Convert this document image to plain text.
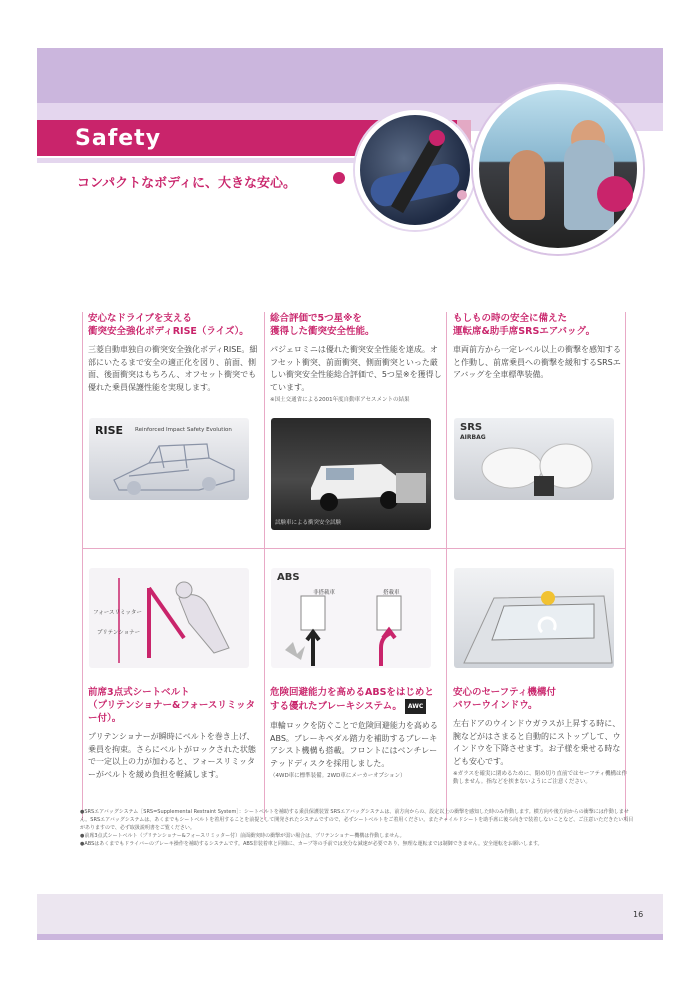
Safety
コンパクトなボディに、大きな安心。

安心なドライブを支える
衝突安全強化ボディRISE（ライズ）。

三菱自動車独自の衝突安全強化ボディRISE。細部にいたるまで安全の適正化を図り、前面、側面、後面衝突はもちろん、オフセット衝突でも優れた乗員保護性能を実現します。

RISE Reinforced Impact Safety Evolution

総合評価で5つ星※を
獲得した衝突安全性能。

パジェロミニは優れた衝突安全性能を達成。オフセット衝突、前面衝突、側面衝突といった厳しい衝突安全性能総合評価で、5つ星※を獲得しています。

※国土交通省による2001年度自動車アセスメントの結果

試験車による衝突安全試験

もしもの時の安全に備えた
運転席&助手席SRSエアバッグ。

車両前方から一定レベル以上の衝撃を感知すると作動し、前席乗員への衝撃を緩和するSRSエアバッグを全車標準装備。

SRS
AIRBAG
フォースリミッター
プリテンショナー

前席3点式シートベルト
（プリテンショナー&フォースリミッター付）。

プリテンショナーが瞬時にベルトを巻き上げ、乗員を拘束。さらにベルトがロックされた状態で一定以上の力が加わると、フォースリミッターがベルトを緩め負担を軽減します。

ABS
非搭載車	搭載車

危険回避能力を高めるABSをはじめと
する優れたブレーキシステム。 AWC

車輪ロックを防ぐことで危険回避能力を高めるABS。ブレーキペダル踏力を補助するブレーキアシスト機構も搭載。フロントにはベンチレーテッドディスクを採用しました。

（4WD車に標準装備。2WD車にメーカーオプション）

安心のセーフティ機構付
パワーウインドウ。

左右ドアのウインドウガラスが上昇する時に、腕などがはさまると自動的にストップして、ウインドウを下降させます。お子様を乗せる時なども安心です。

※ガラスを確実に閉めるために、閉め切り直前ではセーフティ機構は作動しません。指などを挟まないようにご注意ください。

●SRSエアバッグシステム［SRS=Supplemental Restraint System］：シートベルトを補助する乗員保護装置 SRSエアバッグシステムは、前方向からの、設定以上の衝撃を感知した時のみ作動します。横方向や後方向からの衝撃には作動しません。SRSエアバッグシステムは、あくまでもシートベルトを着用することを前提として開発されたシステムですので、必ずシートベルトをご着用ください。またチャイルドシートを助手席に後ろ向きで装着しないことなど、ご注意いただきたい項目がありますので、必ず取扱説明書をご覧ください。

●前席3点式シートベルト（プリテンショナー&フォースリミッター付）前面衝突時の衝撃が弱い場合は、プリテンショナー機構は作動しません。

●ABSはあくまでもドライバーのブレーキ操作を補助するシステムです。ABS非装着車と同様に、カーブ等の手前では充分な減速が必要であり、無理な運転までは制御できません。安全運転をお願いします。

16
